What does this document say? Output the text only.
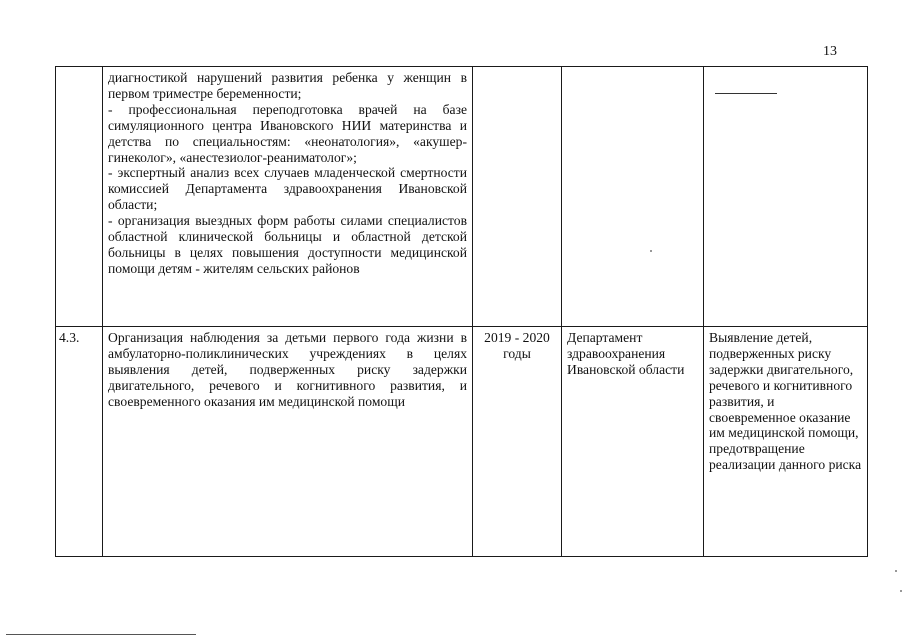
13

	диагностикой нарушений развития ребенка у женщин в первом триместре беременности;
- профессиональная переподготовка врачей на базе симуляционного центра Ивановского НИИ материнства и детства по специальностям: «неонатология», «акушер-гинеколог», «анестезиолог-реаниматолог»;
- экспертный анализ всех случаев младенческой смертности комиссией Департамента здравоохранения Ивановской области;
- организация выездных форм работы силами специалистов областной клинической больницы и областной детской больницы в целях повышения доступности медицинской помощи детям - жителям сельских районов			

4.3.	Организация наблюдения за детьми первого года жизни в амбулаторно-поликлинических учреждениях в целях выявления детей, подверженных риску задержки двигательного, речевого и когнитивного развития, и своевременного оказания им медицинской помощи	2019 - 2020 годы	Департамент здравоохранения Ивановской области	Выявление детей, подверженных риску задержки двигательного, речевого и когнитивного развития, и своевременное оказание им медицинской помощи, предотвращение реализации данного риска
